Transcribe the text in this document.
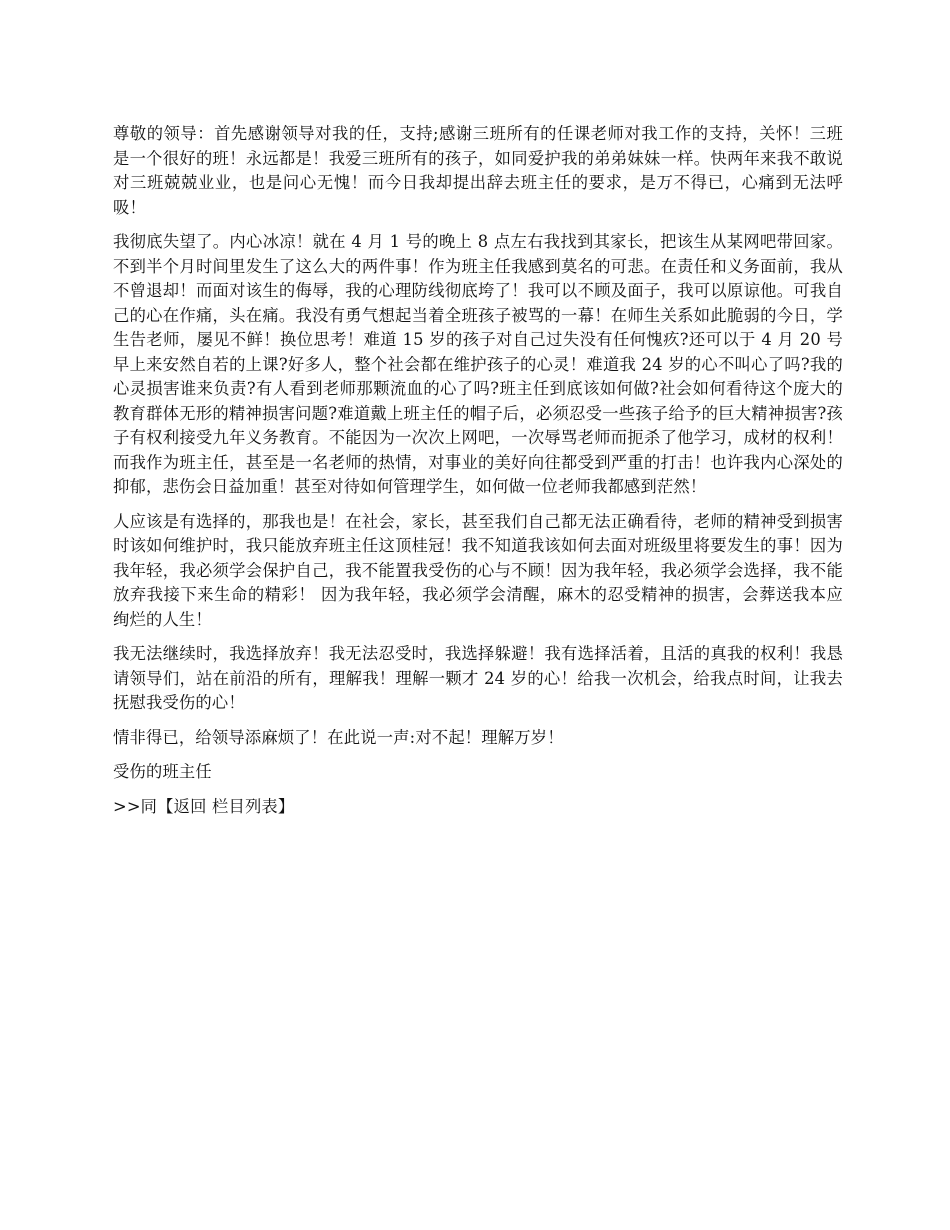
尊敬的领导：首先感谢领导对我的任，支持;感谢三班所有的任课老师对我工作的支持，关怀！三班是一个很好的班！永远都是！我爱三班所有的孩子，如同爱护我的弟弟妹妹一样。快两年来我不敢说对三班兢兢业业，也是问心无愧！而今日我却提出辞去班主任的要求，是万不得已，心痛到无法呼吸！

我彻底失望了。内心冰凉！就在 4 月 1 号的晚上 8 点左右我找到其家长，把该生从某网吧带回家。不到半个月时间里发生了这么大的两件事！作为班主任我感到莫名的可悲。在责任和义务面前，我从不曾退却！而面对该生的侮辱，我的心理防线彻底垮了！我可以不顾及面子，我可以原谅他。可我自己的心在作痛，头在痛。我没有勇气想起当着全班孩子被骂的一幕！在师生关系如此脆弱的今日，学生告老师，屡见不鲜！换位思考！难道 15 岁的孩子对自己过失没有任何愧疚?还可以于 4 月 20 号早上来安然自若的上课?好多人，整个社会都在维护孩子的心灵！难道我 24 岁的心不叫心了吗?我的心灵损害谁来负责?有人看到老师那颗流血的心了吗?班主任到底该如何做?社会如何看待这个庞大的教育群体无形的精神损害问题?难道戴上班主任的帽子后，必须忍受一些孩子给予的巨大精神损害?孩子有权利接受九年义务教育。不能因为一次次上网吧，一次辱骂老师而扼杀了他学习，成材的权利！而我作为班主任，甚至是一名老师的热情，对事业的美好向往都受到严重的打击！也许我内心深处的抑郁，悲伤会日益加重！甚至对待如何管理学生，如何做一位老师我都感到茫然！

人应该是有选择的，那我也是！在社会，家长，甚至我们自己都无法正确看待，老师的精神受到损害时该如何维护时，我只能放弃班主任这顶桂冠！我不知道我该如何去面对班级里将要发生的事！因为我年轻，我必须学会保护自己，我不能置我受伤的心与不顾！因为我年轻，我必须学会选择，我不能放弃我接下来生命的精彩！ 因为我年轻，我必须学会清醒，麻木的忍受精神的损害，会葬送我本应绚烂的人生！

我无法继续时，我选择放弃！我无法忍受时，我选择躲避！我有选择活着，且活的真我的权利！我恳请领导们，站在前沿的所有，理解我！理解一颗才 24 岁的心！给我一次机会，给我点时间，让我去抚慰我受伤的心！

情非得已，给领导添麻烦了！在此说一声:对不起！理解万岁！

受伤的班主任

>>同【返回 栏目列表】
